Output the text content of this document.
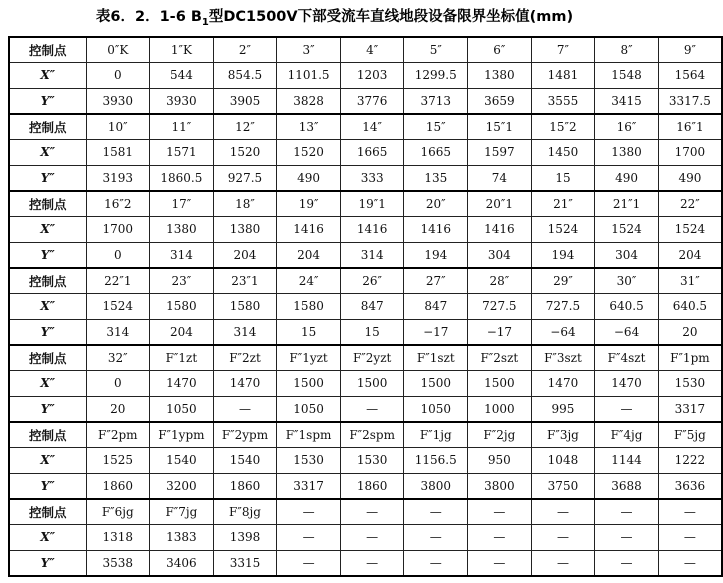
表6．2．1-6 $B_1$型DC1500V下部受流车直线地段设备限界坐标值(mm)
控制点	0″K	1″K	2″	3″	4″	5″	6″	7″	8″	9″
X″	0	544	854.5	1101.5	1203	1299.5	1380	1481	1548	1564
Y″	3930	3930	3905	3828	3776	3713	3659	3555	3415	3317.5
控制点	10″	11″	12″	13″	14″	15″	15″1	15″2	16″	16″1
X″	1581	1571	1520	1520	1665	1665	1597	1450	1380	1700
Y″	3193	1860.5	927.5	490	333	135	74	15	490	490
控制点	16″2	17″	18″	19″	19″1	20″	20″1	21″	21″1	22″
X″	1700	1380	1380	1416	1416	1416	1416	1524	1524	1524
Y″	0	314	204	204	314	194	304	194	304	204
控制点	22″1	23″	23″1	24″	26″	27″	28″	29″	30″	31″
X″	1524	1580	1580	1580	847	847	727.5	727.5	640.5	640.5
Y″	314	204	314	15	15	−17	−17	−64	−64	20
控制点	32″	F″1zt	F″2zt	F″1yzt	F″2yzt	F″1szt	F″2szt	F″3szt	F″4szt	F″1pm
X″	0	1470	1470	1500	1500	1500	1500	1470	1470	1530
Y″	20	1050	—	1050	—	1050	1000	995	—	3317
控制点	F″2pm	F″1ypm	F″2ypm	F″1spm	F″2spm	F″1jg	F″2jg	F″3jg	F″4jg	F″5jg
X″	1525	1540	1540	1530	1530	1156.5	950	1048	1144	1222
Y″	1860	3200	1860	3317	1860	3800	3800	3750	3688	3636
控制点	F″6jg	F″7jg	F″8jg	—	—	—	—	—	—	—
X″	1318	1383	1398	—	—	—	—	—	—	—
Y″	3538	3406	3315	—	—	—	—	—	—	—
